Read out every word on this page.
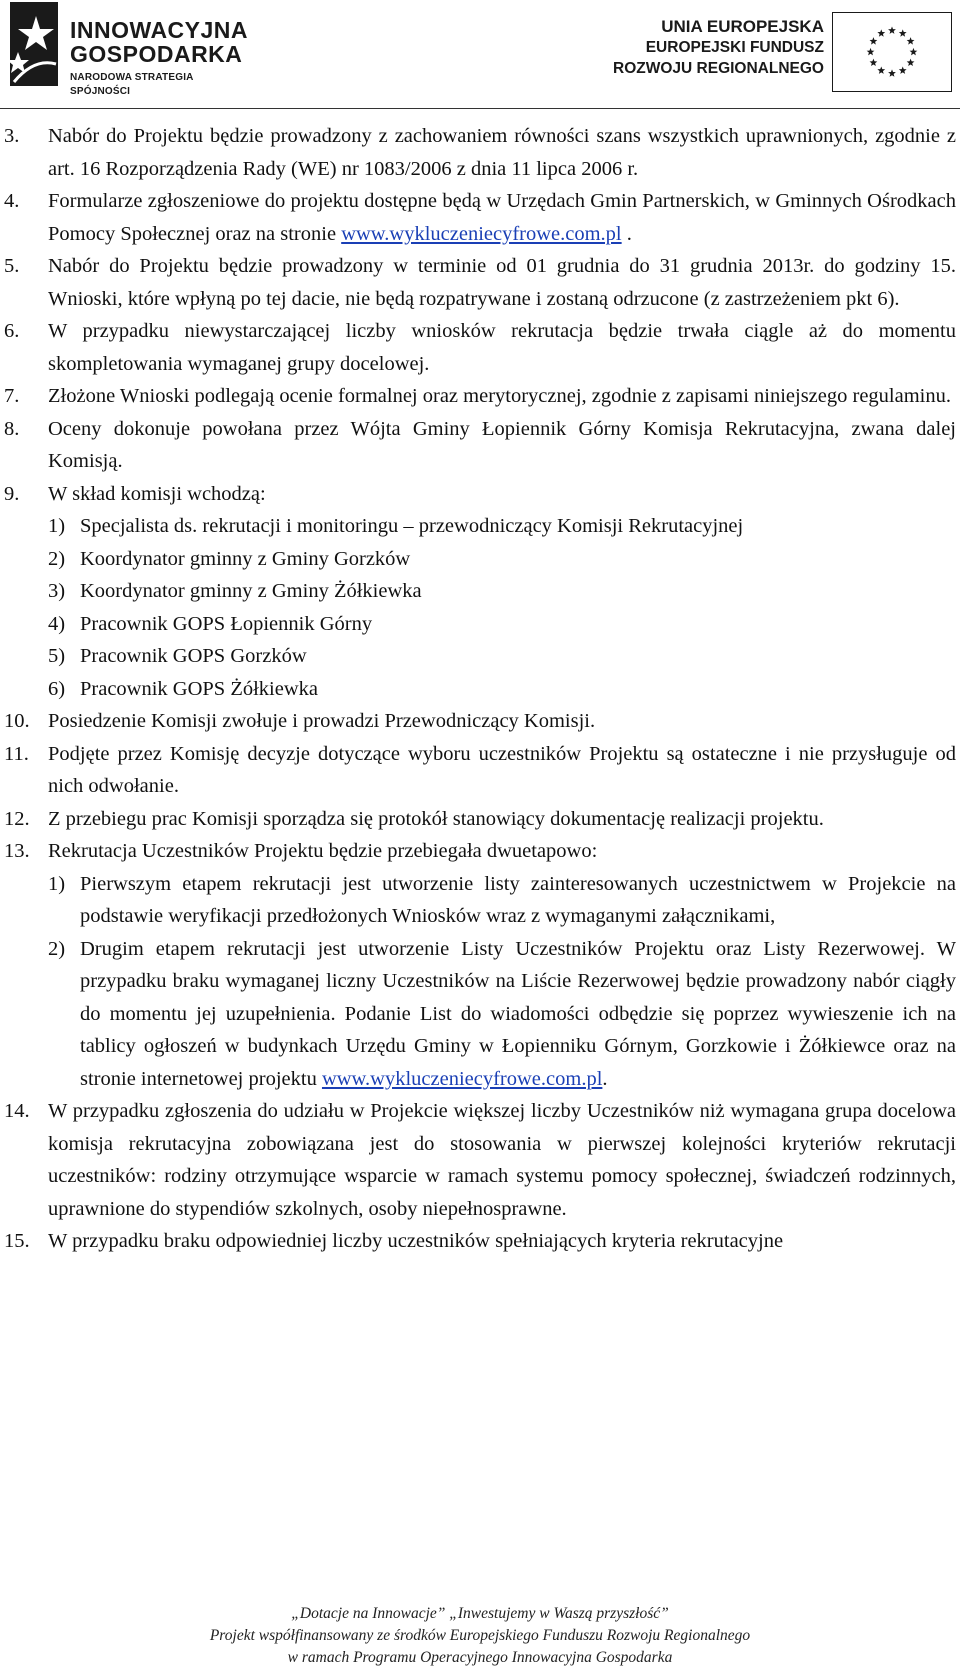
INNOWACYJNA
GOSPODARKA
NARODOWA STRATEGIA SPÓJNOŚCI
UNIA EUROPEJSKA
EUROPEJSKI FUNDUSZ
ROZWOJU REGIONALNEGO
3. Nabór do Projektu będzie prowadzony z zachowaniem równości szans wszystkich uprawnionych, zgodnie z art. 16 Rozporządzenia Rady (WE) nr 1083/2006 z dnia 11 lipca 2006 r.
4. Formularze zgłoszeniowe do projektu dostępne będą w Urzędach Gmin Partnerskich, w Gminnych Ośrodkach Pomocy Społecznej oraz na stronie www.wykluczeniecyfrowe.com.pl .
5. Nabór do Projektu będzie prowadzony w terminie od 01 grudnia do 31 grudnia 2013r. do godziny 15. Wnioski, które wpłyną po tej dacie, nie będą rozpatrywane i zostaną odrzucone (z zastrzeżeniem pkt 6).
6. W przypadku niewystarczającej liczby wniosków rekrutacja będzie trwała ciągle aż do momentu skompletowania wymaganej grupy docelowej.
7. Złożone Wnioski podlegają ocenie formalnej oraz merytorycznej, zgodnie z zapisami niniejszego regulaminu.
8. Oceny dokonuje powołana przez Wójta Gminy Łopiennik Górny Komisja Rekrutacyjna, zwana dalej Komisją.
9. W skład komisji wchodzą:
1) Specjalista ds. rekrutacji i monitoringu – przewodniczący Komisji Rekrutacyjnej
2) Koordynator gminny z Gminy Gorzków
3) Koordynator gminny z Gminy Żółkiewka
4) Pracownik GOPS Łopiennik Górny
5) Pracownik GOPS Gorzków
6) Pracownik GOPS Żółkiewka
10. Posiedzenie Komisji zwołuje i prowadzi Przewodniczący Komisji.
11. Podjęte przez Komisję decyzje dotyczące wyboru uczestników Projektu są ostateczne i nie przysługuje od nich odwołanie.
12. Z przebiegu prac Komisji sporządza się protokół stanowiący dokumentację realizacji projektu.
13. Rekrutacja Uczestników Projektu będzie przebiegała dwuetapowo:
1) Pierwszym etapem rekrutacji jest utworzenie listy zainteresowanych uczestnictwem w Projekcie na podstawie weryfikacji przedłożonych Wniosków wraz z wymaganymi załącznikami,
2) Drugim etapem rekrutacji jest utworzenie Listy Uczestników Projektu oraz Listy Rezerwowej. W przypadku braku wymaganej liczny Uczestników na Liście Rezerwowej będzie prowadzony nabór ciągły do momentu jej uzupełnienia. Podanie List do wiadomości odbędzie się poprzez wywieszenie ich na tablicy ogłoszeń w budynkach Urzędu Gminy w Łopienniku Górnym, Gorzkowie i Żółkiewce oraz na stronie internetowej projektu www.wykluczeniecyfrowe.com.pl.
14. W przypadku zgłoszenia do udziału w Projekcie większej liczby Uczestników niż wymagana grupa docelowa komisja rekrutacyjna zobowiązana jest do stosowania w pierwszej kolejności kryteriów rekrutacji uczestników: rodziny otrzymujące wsparcie w ramach systemu pomocy społecznej, świadczeń rodzinnych, uprawnione do stypendiów szkolnych, osoby niepełnosprawne.
15. W przypadku braku odpowiedniej liczby uczestników spełniających kryteria rekrutacyjne
„Dotacje na Innowacje” „Inwestujemy w Waszą przyszłość”
Projekt współfinansowany ze środków Europejskiego Funduszu Rozwoju Regionalnego
w ramach Programu Operacyjnego Innowacyjna Gospodarka
